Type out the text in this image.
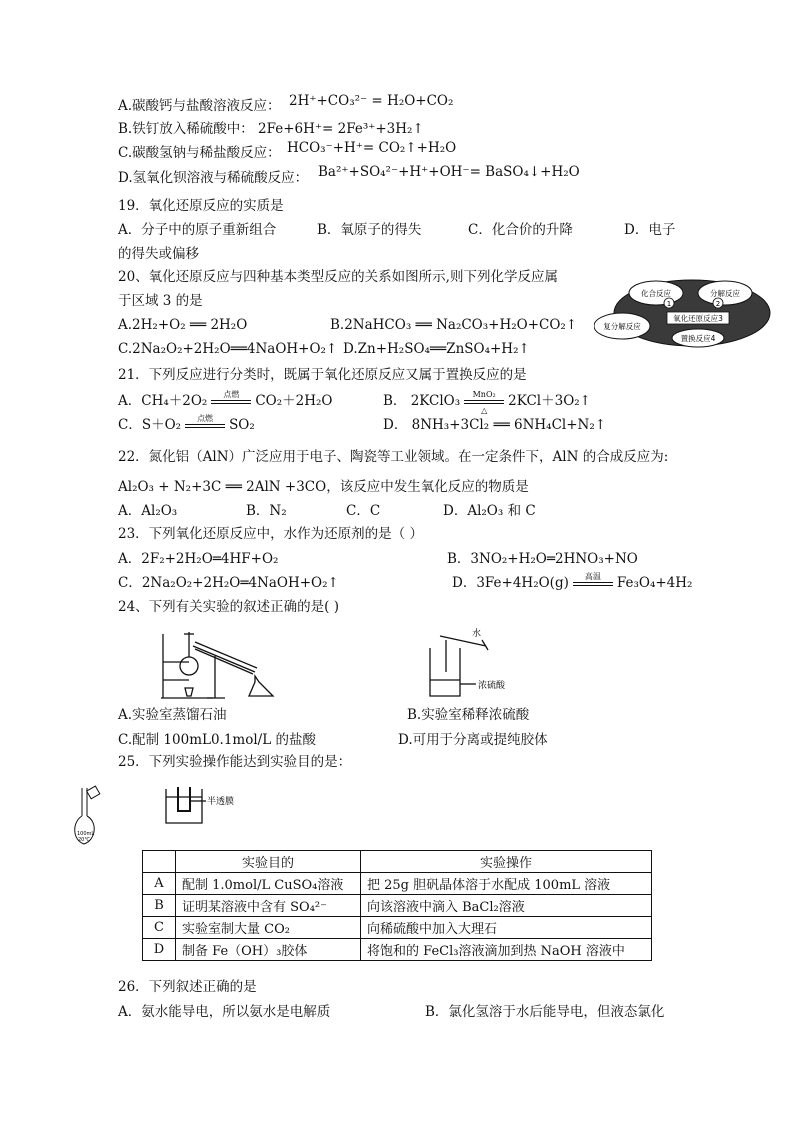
A.碳酸钙与盐酸溶液反应： 2H⁺+CO₃²⁻ = H₂O+CO₂
B.铁钉放入稀硫酸中： 2Fe+6H⁺= 2Fe³⁺+3H₂↑
C.碳酸氢钠与稀盐酸反应： HCO₃⁻+H⁺= CO₂↑+H₂O
D.氢氧化钡溶液与稀硫酸反应： Ba²⁺+SO₄²⁻+H⁺+OH⁻= BaSO₄↓+H₂O
19．氧化还原反应的实质是
A．分子中的原子重新组合	B．氧原子的得失	C．化合价的升降	D．电子
的得失或偏移
20、氧化还原反应与四种基本类型反应的关系如图所示,则下列化学反应属
于区域 3 的是
A.2H₂+O₂ ══ 2H₂O	B.2NaHCO₃ ══ Na₂CO₃+H₂O+CO₂↑
C.2Na₂O₂+2H₂O══4NaOH+O₂↑ D.Zn+H₂SO₄══ZnSO₄+H₂↑
化合反应	分解反应
复分解反应
氧化还原反应3
置换反应4
1	2
21．下列反应进行分类时，既属于氧化还原反应又属于置换反应的是
A．CH₄＋2O₂	点燃	CO₂＋2H₂O	B． 2KClO₃	MnO₂
△
2KCl＋3O₂↑
C．S＋O₂	点燃	SO₂	D． 8NH₃+3Cl₂ ══ 6NH₄Cl+N₂↑
22．氮化铝（AlN）广泛应用于电子、陶瓷等工业领域。在一定条件下，AlN 的合成反应为:
Al₂O₃ + N₂+3C ══ 2AlN +3CO，该反应中发生氧化反应的物质是
A．Al₂O₃	B．N₂	C．C	D．Al₂O₃ 和 C
23．下列氧化还原反应中，水作为还原剂的是（ ）
A．2F₂+2H₂O═4HF+O₂	B．3NO₂+H₂O═2HNO₃+NO
C．2Na₂O₂+2H₂O═4NaOH+O₂↑	D．3Fe+4H₂O(g)	高温	Fe₃O₄+4H₂
24、下列有关实验的叙述正确的是( )
水
浓硫酸
A.实验室蒸馏石油	B.实验室稀释浓硫酸
C.配制 100mL0.1mol/L 的盐酸	D.可用于分离或提纯胶体
25．下列实验操作能达到实验目的是：
100mL
20℃
半透膜
	实验目的	实验操作
A	配制 1.0mol/L CuSO₄溶液	把 25g 胆矾晶体溶于水配成 100mL 溶液
B	证明某溶液中含有 SO₄²⁻	向该溶液中滴入 BaCl₂溶液
C	实验室制大量 CO₂	向稀硫酸中加入大理石
D	制备 Fe（OH）₃胶体	将饱和的 FeCl₃溶液滴加到热 NaOH 溶液中
26．下列叙述正确的是
A．氨水能导电，所以氨水是电解质	B．氯化氢溶于水后能导电，但液态氯化
